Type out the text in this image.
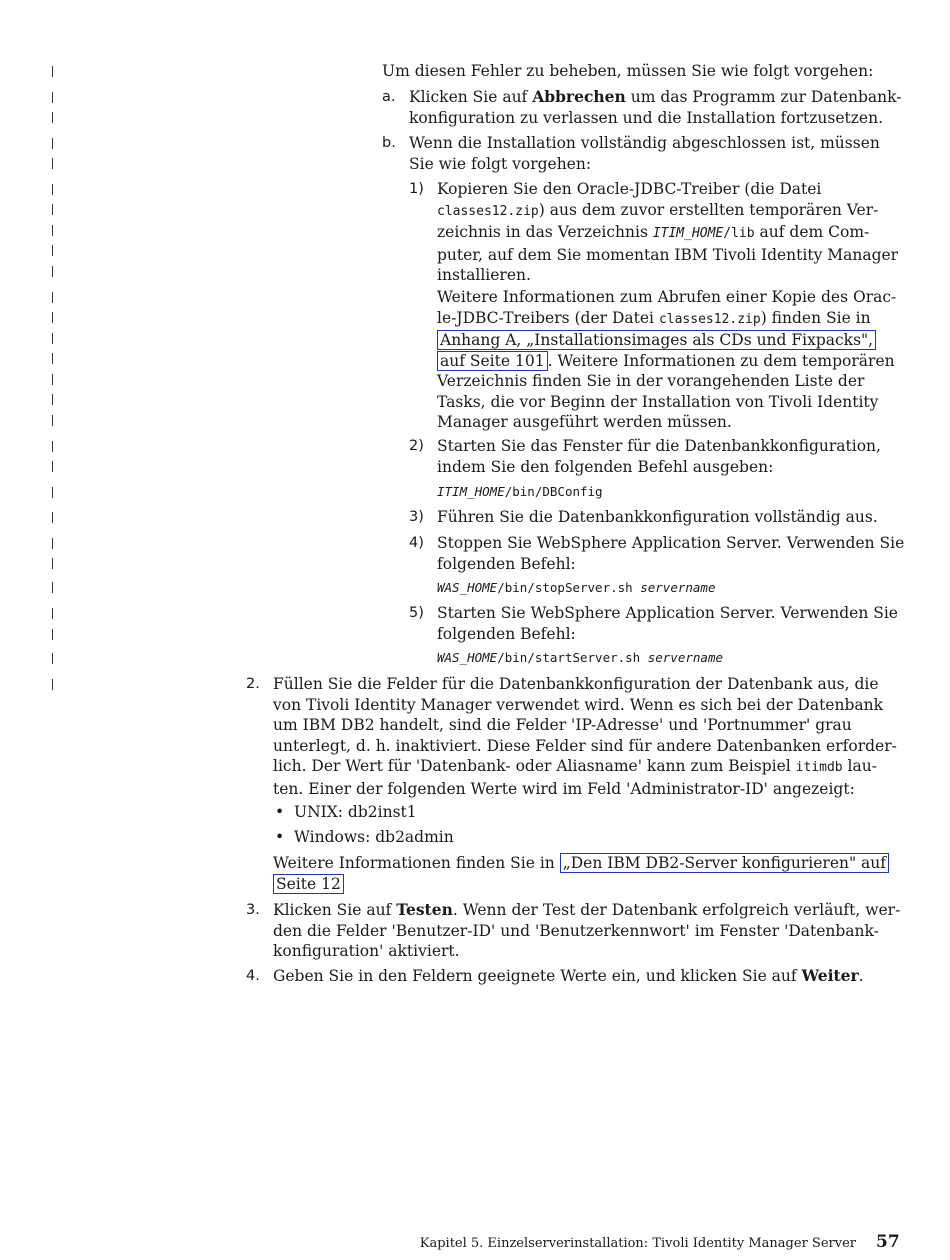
Um diesen Fehler zu beheben, müssen Sie wie folgt vorgehen:
a. Klicken Sie auf Abbrechen um das Programm zur Datenbank-
konfiguration zu verlassen und die Installation fortzusetzen.
b. Wenn die Installation vollständig abgeschlossen ist, müssen
Sie wie folgt vorgehen:
1) Kopieren Sie den Oracle-JDBC-Treiber (die Datei
classes12.zip) aus dem zuvor erstellten temporären Ver-
zeichnis in das Verzeichnis ITIM_HOME/lib auf dem Com-
puter, auf dem Sie momentan IBM Tivoli Identity Manager
installieren.
Weitere Informationen zum Abrufen einer Kopie des Orac-
le-JDBC-Treibers (der Datei classes12.zip) finden Sie in
Anhang A, „Installationsimages als CDs und Fixpacks",
auf Seite 101 . Weitere Informationen zu dem temporären
Verzeichnis finden Sie in der vorangehenden Liste der
Tasks, die vor Beginn der Installation von Tivoli Identity
Manager ausgeführt werden müssen.
2) Starten Sie das Fenster für die Datenbankkonfiguration,
indem Sie den folgenden Befehl ausgeben:
ITIM_HOME/bin/DBConfig
3) Führen Sie die Datenbankkonfiguration vollständig aus.
4) Stoppen Sie WebSphere Application Server. Verwenden Sie
folgenden Befehl:
WAS_HOME/bin/stopServer.sh servername
5) Starten Sie WebSphere Application Server. Verwenden Sie
folgenden Befehl:
WAS_HOME/bin/startServer.sh servername
2. Füllen Sie die Felder für die Datenbankkonfiguration der Datenbank aus, die
von Tivoli Identity Manager verwendet wird. Wenn es sich bei der Datenbank
um IBM DB2 handelt, sind die Felder 'IP-Adresse' und 'Portnummer' grau
unterlegt, d. h. inaktiviert. Diese Felder sind für andere Datenbanken erforder-
lich. Der Wert für 'Datenbank- oder Aliasname' kann zum Beispiel itimdb lau-
ten. Einer der folgenden Werte wird im Feld 'Administrator-ID' angezeigt:
•  UNIX: db2inst1
•  Windows: db2admin
Weitere Informationen finden Sie in „Den IBM DB2-Server konfigurieren" auf
Seite 12
3. Klicken Sie auf Testen. Wenn der Test der Datenbank erfolgreich verläuft, wer-
den die Felder 'Benutzer-ID' und 'Benutzerkennwort' im Fenster 'Datenbank-
konfiguration' aktiviert.
4. Geben Sie in den Feldern geeignete Werte ein, und klicken Sie auf Weiter.
Kapitel 5. Einzelserverinstallation: Tivoli Identity Manager Server 57
